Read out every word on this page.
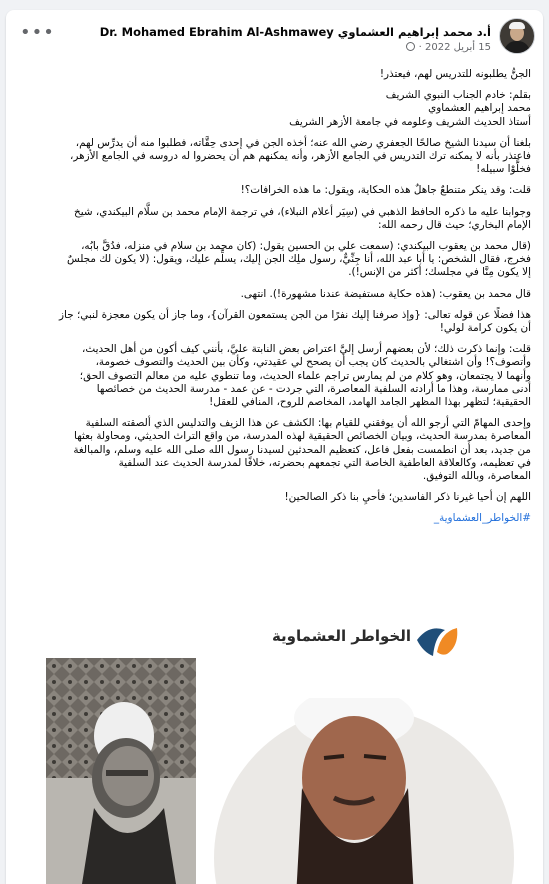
•••	أ.د محمد إبراهيم العشماوي Dr. Mohamed Ebrahim Al-Ashmawey
15 أبريل 2022 ·
الجنُّ يطلبونه للتدريس لهم، فيعتذر!
بقلم: خادم الجناب النبوي الشريف
محمد إبراهيم العشماوي
أستاذ الحديث الشريف وعلومه في جامعة الأزهر الشريف
بلغنا أن سيدنا الشيخ صالحًا الجعفري رضي الله عنه؛ أخذه الجن في إحدى حِقَّاته، فطلبوا منه أن يدرِّس لهم،
فاعتذر بأنه لا يمكنه ترك التدريس في الجامع الأزهر، وأنه يمكنهم هم أن يحضروا له دروسه في الجامع الأزهر،
فخلَّوْا سبيله!
قلت: وقد ينكر متنطعٌ جاهلٌ هذه الحكاية، ويقول: ما هذه الخرافات؟!
وجوابنا عليه ما ذكره الحافظ الذهبي في (سِيَر أعلام النبلاء)، في ترجمة الإمام محمد بن سلَّام البيكندي، شيخ
الإمام البخاري؛ حيث قال رحمه الله:
(قال محمد بن يعقوب البيكندي: (سمعت علي بن الحسين يقول: (كان محمد بن سلام في منزله، فدُقَّ بابُه،
فخرج، فقال الشخص: يا أبا عبد الله، أنا جِنِّيٌّ، رسول ملِك الجن إليك، يسلِّم عليك، ويقول: (لا يكون لك مجلسٌ
إلا يكون مِنَّا في مجلسك؛ أكثر من الإنس!).
قال محمد بن يعقوب: (هذه حكاية مستفيضة عندنا مشهورة!). انتهى.
هذا فضلًا عن قوله تعالى: {وإذ صرفنا إليك نفرًا من الجن يستمعون القرآن}، وما جاز أن يكون معجزة لنبي؛ جاز
أن يكون كرامة لولي!
قلت: وإنما ذكرت ذلك؛ لأن بعضهم أرسل إليَّ اعتراض بعض النابتة عليَّ، بأنني كيف أكون من أهل الحديث،
وأتصوف؟! وأن اشتغالي بالحديث كان يجب أن يصحح لي عقيدتي، وكأن بين الحديث والتصوف خصومة،
وأنهما لا يجتمعان، وهو كلام من لم يمارس تراجم علماء الحديث، وما تنطوي عليه من معالم التصوف الحق؛
أدنى ممارسة، وهذا ما أرادته السلفية المعاصرة، التي جردت - عن عمد - مدرسة الحديث من خصائصها
الحقيقية؛ لتظهر بهذا المظهر الجامد الهامد، المخاصم للروح، المنافي للعقل!
وإحدى المهامّ التي أرجو الله أن يوفقني للقيام بها: الكشف عن هذا الزيف والتدليس الذي ألصقته السلفية
المعاصرة بمدرسة الحديث، وبيان الخصائص الحقيقية لهذه المدرسة، من واقع التراث الحديثي، ومحاولة بعثها
من جديد، بعد أن انطمست بفعل فاعل، كتعظيم المحدثين لسيدنا رسول الله صلى الله عليه وسلم، والمبالغة
في تعظيمه، وكالعلاقة العاطفية الخاصة التي تجمعهم بحضرته، خلافًا لمدرسة الحديث عند السلفية
المعاصرة، وبالله التوفيق.
اللهم إن أحيا غيرنا ذكر الفاسدين؛ فأحيِ بنا ذكر الصالحين!
#الخواطر_العشماوية_
الخواطر العشماوية
